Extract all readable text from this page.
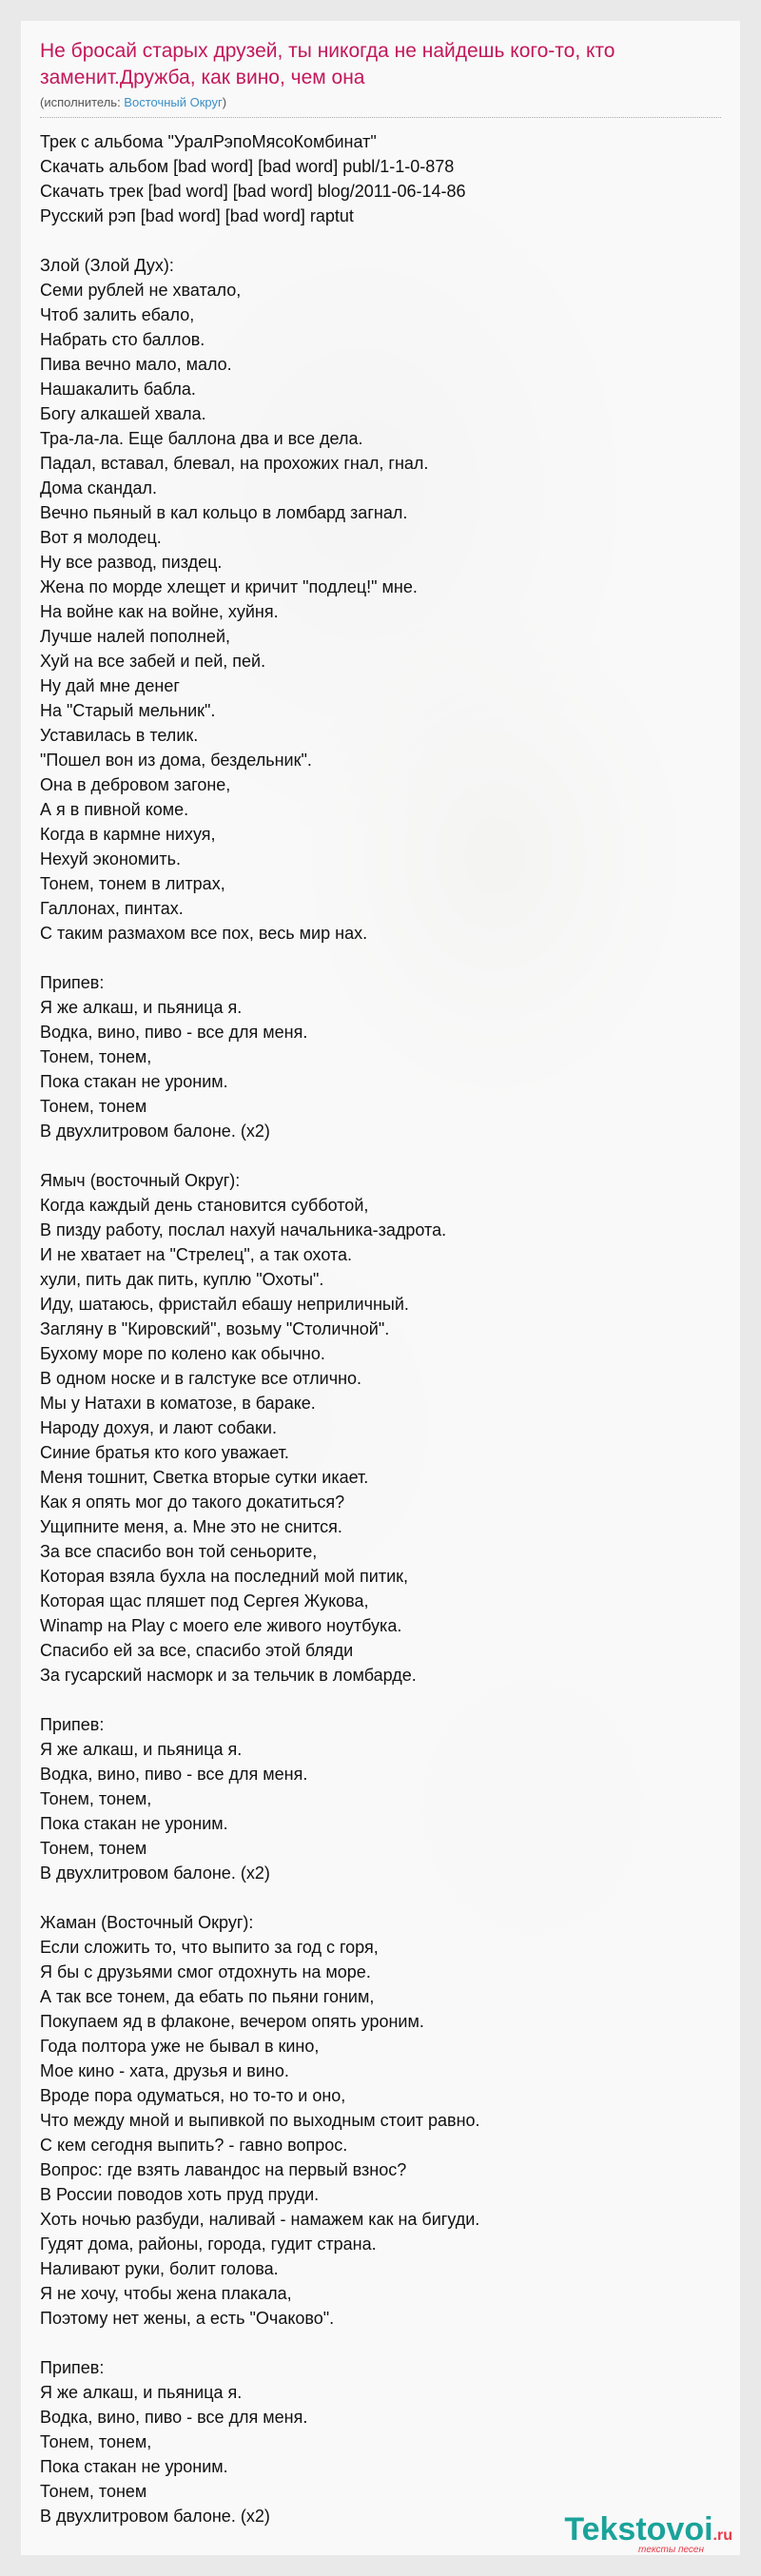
Не бросай старых друзей, ты никогда не найдешь кого-то, кто заменит.Дружба, как вино, чем она
(исполнитель: Восточный Округ)
Трек с альбома "УралРэпоМясоКомбинат"
Скачать альбом [bad word] [bad word] publ/1-1-0-878
Скачать трек [bad word] [bad word] blog/2011-06-14-86
Русский рэп [bad word] [bad word] raptut
Злой (Злой Дух):
Семи рублей не хватало,
Чтоб залить ебало,
Набрать сто баллов.
Пива вечно мало, мало.
Нашакалить бабла.
Богу алкашей хвала.
Тра-ла-ла. Еще баллона два и все дела.
Падал, вставал, блевал, на прохожих гнал, гнал.
Дома скандал.
Вечно пьяный в кал кольцо в ломбард загнал.
Вот я молодец.
Ну все развод, пиздец.
Жена по морде хлещет и кричит "подлец!" мне.
На войне как на войне, хуйня.
Лучше налей пополней,
Хуй на все забей и пей, пей.
Ну дай мне денег
На "Старый мельник".
Уставилась в телик.
"Пошел вон из дома, бездельник".
Она в дебровом загоне,
А я в пивной коме.
Когда в кармне нихуя,
Нехуй экономить.
Тонем, тонем в литрах,
Галлонах, пинтах.
С таким размахом все пох, весь мир нах.
Припев:
Я же алкаш, и пьяница я.
Водка, вино, пиво - все для меня.
Тонем, тонем,
Пока стакан не уроним.
Тонем, тонем
В двухлитровом балоне. (x2)
Ямыч (восточный Округ):
Когда каждый день становится субботой,
В пизду работу, послал нахуй начальника-задрота.
И не хватает на "Стрелец", а так охота.
хули, пить дак пить, куплю "Охоты".
Иду, шатаюсь, фристайл ебашу неприличный.
Загляну в "Кировский", возьму "Столичной".
Бухому море по колено как обычно.
В одном носке и в галстуке все отлично.
Мы у Натахи в коматозе, в бараке.
Народу дохуя, и лают собаки.
Синие братья кто кого уважает.
Меня тошнит, Светка вторые сутки икает.
Как я опять мог до такого докатиться?
Ущипните меня, а. Мне это не снится.
За все спасибо вон той сеньорите,
Которая взяла бухла на последний мой питик,
Которая щас пляшет под Сергея Жукова,
Winamp на Play с моего еле живого ноутбука.
Спасибо ей за все, спасибо этой бляди
За гусарский насморк и за тельчик в ломбарде.
Припев:
Я же алкаш, и пьяница я.
Водка, вино, пиво - все для меня.
Тонем, тонем,
Пока стакан не уроним.
Тонем, тонем
В двухлитровом балоне. (x2)
Жаман (Восточный Округ):
Если сложить то, что выпито за год с горя,
Я бы с друзьями смог отдохнуть на море.
А так все тонем, да ебать по пьяни гоним,
Покупаем яд в флаконе, вечером опять уроним.
Года полтора уже не бывал в кино,
Мое кино - хата, друзья и вино.
Вроде пора одуматься, но то-то и оно,
Что между мной и выпивкой по выходным стоит равно.
С кем сегодня выпить? - гавно вопрос.
Вопрос: где взять лавандос на первый взнос?
В России поводов хоть пруд пруди.
Хоть ночью разбуди, наливай - намажем как на бигуди.
Гудят дома, районы, города, гудит страна.
Наливают руки, болит голова.
Я не хочу, чтобы жена плакала,
Поэтому нет жены, а есть "Очаково".
Припев:
Я же алкаш, и пьяница я.
Водка, вино, пиво - все для меня.
Тонем, тонем,
Пока стакан не уроним.
Тонем, тонем
В двухлитровом балоне. (x2)	Tekstovoi.ru
тексты песен
